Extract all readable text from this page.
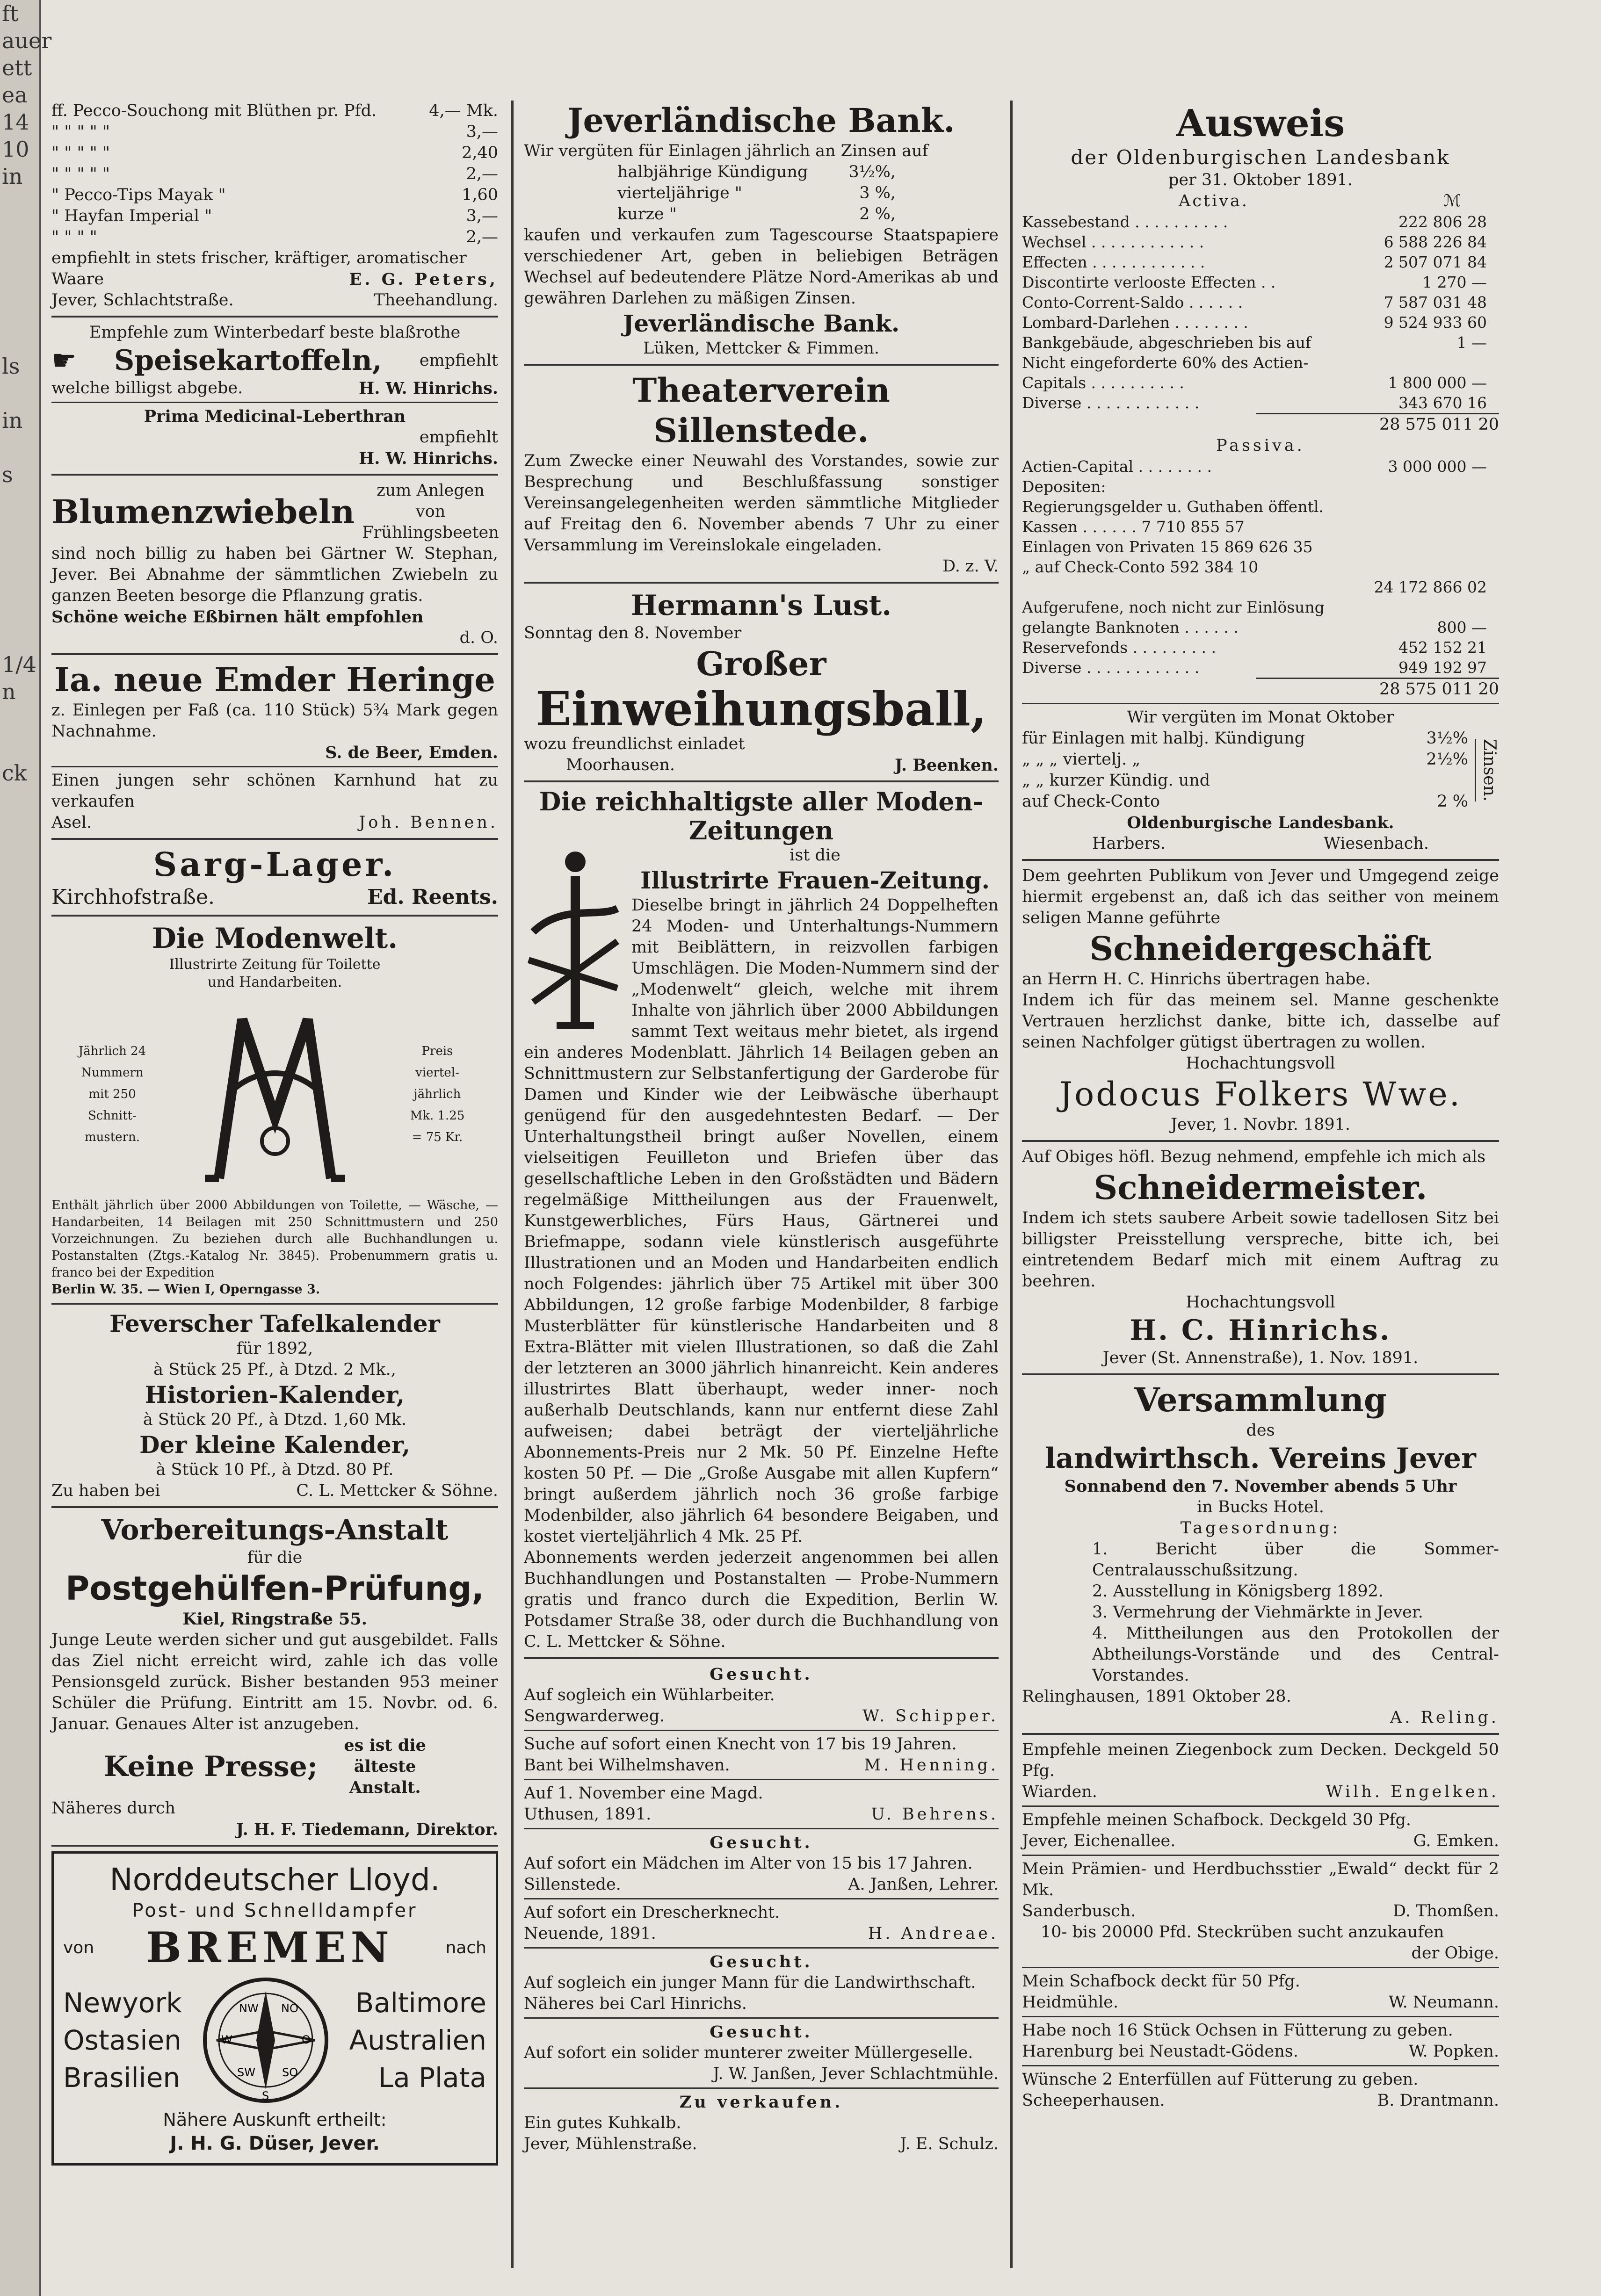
ft
auer
ett
ea
14
10
in

ls

in

s

1/4
n

ck
ff. Pecco-Souchong mit Blüthen pr. Pfd.	4,— Mk.
" " " " "	3,—
" " " " "	2,40
" " " " "	2,—
" Pecco-Tips Mayak "	1,60
" Hayfan Imperial "	3,—
" " " "	2,—

empfiehlt in stets frischer, kräftiger, aromatischer

Waare	E. G. Peters,
Jever, Schlachtstraße.	Theehandlung.

Empfehle zum Winterbedarf beste blaßrothe

☛	Speisekartoffeln,	empfiehlt
welche billigst abgebe.	H. W. Hinrichs.

Prima Medicinal-Leberthran

empfiehlt

H. W. Hinrichs.

Blumenzwiebeln
zum Anlegen von Frühlingsbeeten

sind noch billig zu haben bei Gärtner W. Stephan, Jever. Bei Abnahme der sämmtlichen Zwiebeln zu ganzen Beeten besorge die Pflanzung gratis.

Schöne weiche Eßbirnen hält empfohlen

d. O.

Ia. neue Emder Heringe

z. Einlegen per Faß (ca. 110 Stück) 5¾ Mark gegen Nachnahme.

S. de Beer, Emden.

Einen jungen sehr schönen Karnhund hat zu verkaufen

Asel.	Joh. Bennen.

Sarg-Lager.

Kirchhofstraße.	Ed. Reents.

Die Modenwelt.

Illustrirte Zeitung für Toilette

und Handarbeiten.

Jährlich 24
Nummern
mit 250
Schnitt-
mustern.
Preis
viertel-
jährlich
Mk. 1.25
= 75 Kr.

Enthält jährlich über 2000 Abbildungen von Toilette, — Wäsche, — Handarbeiten, 14 Beilagen mit 250 Schnittmustern und 250 Vorzeichnungen. Zu beziehen durch alle Buchhandlungen u. Postanstalten (Ztgs.-Katalog Nr. 3845). Probenummern gratis u. franco bei der Expedition

Berlin W. 35. — Wien I, Operngasse 3.

Feverscher Tafelkalender

für 1892,

à Stück 25 Pf., à Dtzd. 2 Mk.,

Historien-Kalender,

à Stück 20 Pf., à Dtzd. 1,60 Mk.

Der kleine Kalender,

à Stück 10 Pf., à Dtzd. 80 Pf.

Zu haben bei	C. L. Mettcker & Söhne.

Vorbereitungs-Anstalt

für die

Postgehülfen-Prüfung,

Kiel, Ringstraße 55.

Junge Leute werden sicher und gut ausgebildet. Falls das Ziel nicht erreicht wird, zahle ich das volle Pensionsgeld zurück. Bisher bestanden 953 meiner Schüler die Prüfung. Eintritt am 15. Novbr. od. 6. Januar. Genaues Alter ist anzugeben.

Keine Presse;
es ist die älteste Anstalt.

Näheres durch

J. H. F. Tiedemann, Direktor.

Norddeutscher Lloyd.

Post- und Schnelldampfer

von BREMEN	nach
Newyork
Ostasien
Brasilien
NW NO
W	O
SW SO
S
Baltimore
Australien
La Plata

Nähere Auskunft ertheilt:

J. H. G. Düser, Jever.

Jeverländische Bank.

Wir vergüten für Einlagen jährlich an Zinsen auf

halbjährige Kündigung 3½%,
vierteljährige "	3 %,
kurze "	2 %,

kaufen und verkaufen zum Tagescourse Staatspapiere verschiedener Art, geben in beliebigen Beträgen Wechsel auf bedeutendere Plätze Nord-Amerikas ab und gewähren Darlehen zu mäßigen Zinsen.

Jeverländische Bank.

Lüken, Mettcker & Fimmen.

Theaterverein Sillenstede.

Zum Zwecke einer Neuwahl des Vorstandes, sowie zur Besprechung und Beschlußfassung sonstiger Vereinsangelegenheiten werden sämmtliche Mitglieder auf Freitag den 6. November abends 7 Uhr zu einer Versammlung im Vereinslokale eingeladen.

D. z. V.

Hermann's Lust.

Sonntag den 8. November

Großer

Einweihungsball,

wozu freundlichst einladet

Moorhausen.	J. Beenken.

Die reichhaltigste aller Moden-Zeitungen

ist die

Illustrirte Frauen-Zeitung.

Dieselbe bringt in jährlich 24 Doppelheften 24 Moden- und Unterhaltungs-Nummern mit Beiblättern, in reizvollen farbigen Umschlägen. Die Moden-Nummern sind der „Modenwelt“ gleich, welche mit ihrem Inhalte von jährlich über 2000 Abbildungen sammt Text weitaus mehr bietet, als irgend ein anderes Modenblatt. Jährlich 14 Beilagen geben an Schnittmustern zur Selbstanfertigung der Garderobe für Damen und Kinder wie der Leibwäsche überhaupt genügend für den ausgedehntesten Bedarf. — Der Unterhaltungstheil bringt außer Novellen, einem vielseitigen Feuilleton und Briefen über das gesellschaftliche Leben in den Großstädten und Bädern regelmäßige Mittheilungen aus der Frauenwelt, Kunstgewerbliches, Fürs Haus, Gärtnerei und Briefmappe, sodann viele künstlerisch ausgeführte Illustrationen und an Moden und Handarbeiten endlich noch Folgendes: jährlich über 75 Artikel mit über 300 Abbildungen, 12 große farbige Modenbilder, 8 farbige Musterblätter für künstlerische Handarbeiten und 8 Extra-Blätter mit vielen Illustrationen, so daß die Zahl der letzteren an 3000 jährlich hinanreicht. Kein anderes illustrirtes Blatt überhaupt, weder inner- noch außerhalb Deutschlands, kann nur entfernt diese Zahl aufweisen; dabei beträgt der vierteljährliche Abonnements-Preis nur 2 Mk. 50 Pf. Einzelne Hefte kosten 50 Pf. — Die „Große Ausgabe mit allen Kupfern“ bringt außerdem jährlich noch 36 große farbige Modenbilder, also jährlich 64 besondere Beigaben, und kostet vierteljährlich 4 Mk. 25 Pf.

Abonnements werden jederzeit angenommen bei allen Buchhandlungen und Postanstalten — Probe-Nummern gratis und franco durch die Expedition, Berlin W. Potsdamer Straße 38, oder durch die Buchhandlung von C. L. Mettcker & Söhne.

Gesucht.

Auf sogleich ein Wühlarbeiter.

Sengwarderweg.	W. Schipper.

Suche auf sofort einen Knecht von 17 bis 19 Jahren.

Bant bei Wilhelmshaven.	M. Henning.

Auf 1. November eine Magd.

Uthusen, 1891.	U. Behrens.

Gesucht.

Auf sofort ein Mädchen im Alter von 15 bis 17 Jahren.

Sillenstede.	A. Janßen, Lehrer.

Auf sofort ein Drescherknecht.

Neuende, 1891.	H. Andreae.

Gesucht.

Auf sogleich ein junger Mann für die Landwirthschaft.

Näheres bei Carl Hinrichs.

Gesucht.

Auf sofort ein solider munterer zweiter Müllergeselle.

J. W. Janßen, Jever Schlachtmühle.

Zu verkaufen.

Ein gutes Kuhkalb.

Jever, Mühlenstraße.	J. E. Schulz.

Ausweis

der Oldenburgischen Landesbank

per 31. Oktober 1891.

Activa.	ℳ
Kassebestand . . . . . . . . . .	222 806 28
Wechsel . . . . . . . . . . . .	6 588 226 84
Effecten . . . . . . . . . . . .	2 507 071 84
Discontirte verlooste Effecten . .	1 270 —
Conto-Corrent-Saldo . . . . . .	7 587 031 48
Lombard-Darlehen . . . . . . . .	9 524 933 60
Bankgebäude, abgeschrieben bis auf	1 —
Nicht eingeforderte 60% des Actien-
Capitals . . . . . . . . . .	1 800 000 —
Diverse . . . . . . . . . . . .	343 670 16
28 575 011 20

Passiva.

Actien-Capital . . . . . . . .	3 000 000 —
Depositen:
Regierungsgelder u. Guthaben öffentl.
Kassen . . . . . . 7 710 855 57
Einlagen von Privaten 15 869 626 35
„ auf Check-Conto 592 384 10
24 172 866 02
Aufgerufene, noch nicht zur Einlösung
gelangte Banknoten . . . . . .	800 —
Reservefonds . . . . . . . . .	452 152 21
Diverse . . . . . . . . . . . .	949 192 97
28 575 011 20

Wir vergüten im Monat Oktober

für Einlagen mit halbj. Kündigung	3½%
„ „ „ viertelj. „	2½%
„ „ kurzer Kündig. und
auf Check-Conto	2 % Zinsen.

Oldenburgische Landesbank.

Harbers.	Wiesenbach.

Dem geehrten Publikum von Jever und Umgegend zeige hiermit ergebenst an, daß ich das seither von meinem seligen Manne geführte

Schneidergeschäft

an Herrn H. C. Hinrichs übertragen habe.

Indem ich für das meinem sel. Manne geschenkte Vertrauen herzlichst danke, bitte ich, dasselbe auf seinen Nachfolger gütigst übertragen zu wollen.

Hochachtungsvoll

Jodocus Folkers Wwe.

Jever, 1. Novbr. 1891.

Auf Obiges höfl. Bezug nehmend, empfehle ich mich als

Schneidermeister.

Indem ich stets saubere Arbeit sowie tadellosen Sitz bei billigster Preisstellung verspreche, bitte ich, bei eintretendem Bedarf mich mit einem Auftrag zu beehren.

Hochachtungsvoll

H. C. Hinrichs.

Jever (St. Annenstraße), 1. Nov. 1891.

Versammlung

des

landwirthsch. Vereins Jever

Sonnabend den 7. November abends 5 Uhr

in Bucks Hotel.

Tagesordnung:

1. Bericht über die Sommer-Centralausschußsitzung.

2. Ausstellung in Königsberg 1892.

3. Vermehrung der Viehmärkte in Jever.

4. Mittheilungen aus den Protokollen der Abtheilungs-Vorstände und des Central-Vorstandes.

Relinghausen, 1891 Oktober 28.

A. Reling.

Empfehle meinen Ziegenbock zum Decken. Deckgeld 50 Pfg.

Wiarden.	Wilh. Engelken.

Empfehle meinen Schafbock. Deckgeld 30 Pfg.

Jever, Eichenallee.	G. Emken.

Mein Prämien- und Herdbuchsstier „Ewald“ deckt für 2 Mk.

Sanderbusch.	D. Thomßen.

10- bis 20000 Pfd. Steckrüben sucht anzukaufen

der Obige.

Mein Schafbock deckt für 50 Pfg.

Heidmühle.	W. Neumann.

Habe noch 16 Stück Ochsen in Fütterung zu geben.

Harenburg bei Neustadt-Gödens.	W. Popken.

Wünsche 2 Enterfüllen auf Fütterung zu geben.

Scheeperhausen.	B. Drantmann.
